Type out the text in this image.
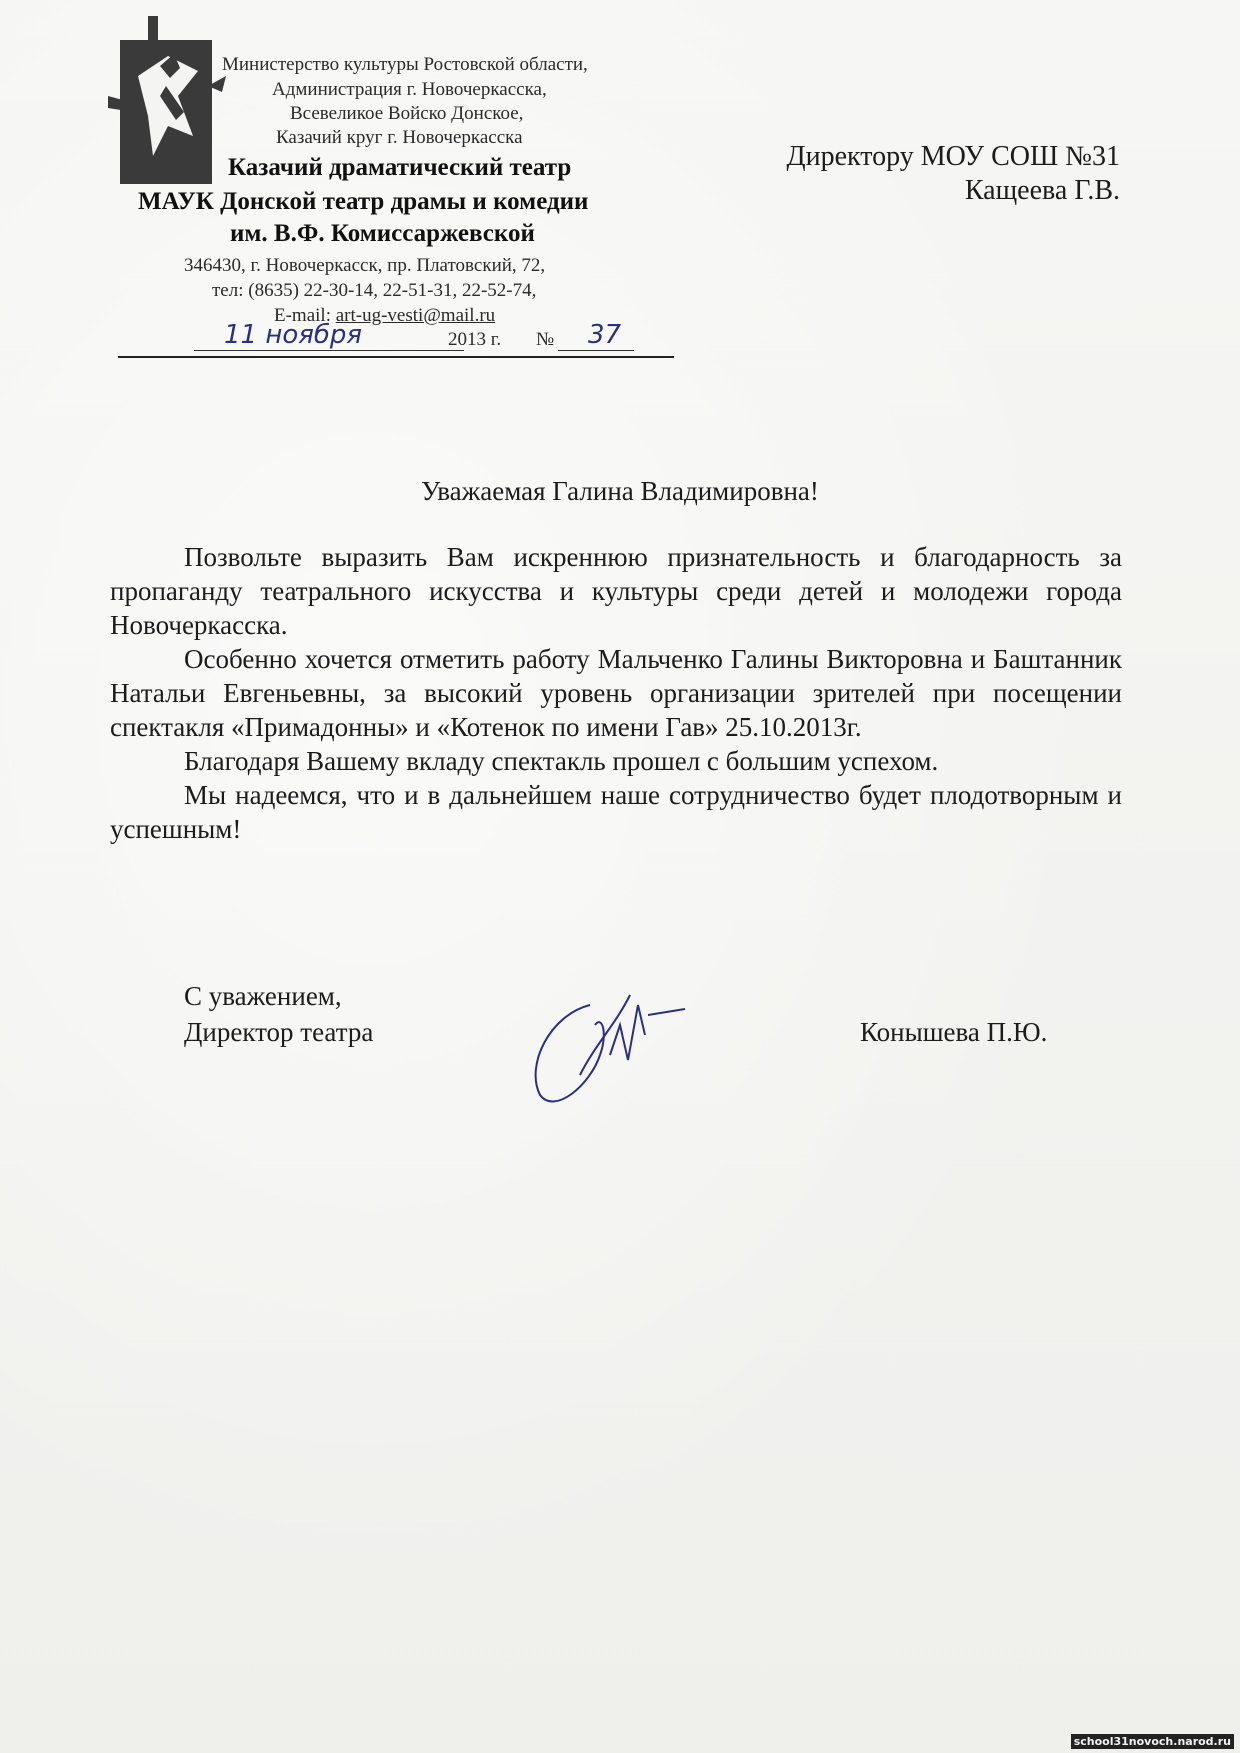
Министерство культуры Ростовской области,
Администрация г. Новочеркасска,
Всевеликое Войско Донское,
Казачий круг г. Новочеркасска
Казачий драматический театр
МАУК Донской театр драмы и комедии
им. В.Ф. Комиссаржевской
346430, г. Новочеркасск, пр. Платовский, 72,
тел: (8635) 22-30-14, 22-51-31, 22-52-74,
E-mail: art-ug-vesti@mail.ru
11 ноября	2013 г. № 37
Директору МОУ СОШ №31
Кащеева Г.В.
Уважаемая Галина Владимировна!

Позвольте выразить Вам искреннюю признательность и благодарность за пропаганду театрального искусства и культуры среди детей и молодежи города Новочеркасска.

Особенно хочется отметить работу Мальченко Галины Викторовна и Баштанник Натальи Евгеньевны, за высокий уровень организации зрителей при посещении спектакля «Примадонны» и «Котенок по имени Гав» 25.10.2013г.

Благодаря Вашему вкладу спектакль прошел с большим успехом.

Мы надеемся, что и в дальнейшем наше сотрудничество будет плодотворным и успешным!

С уважением,
Директор театра	Конышева П.Ю.
school31novoch.narod.ru
